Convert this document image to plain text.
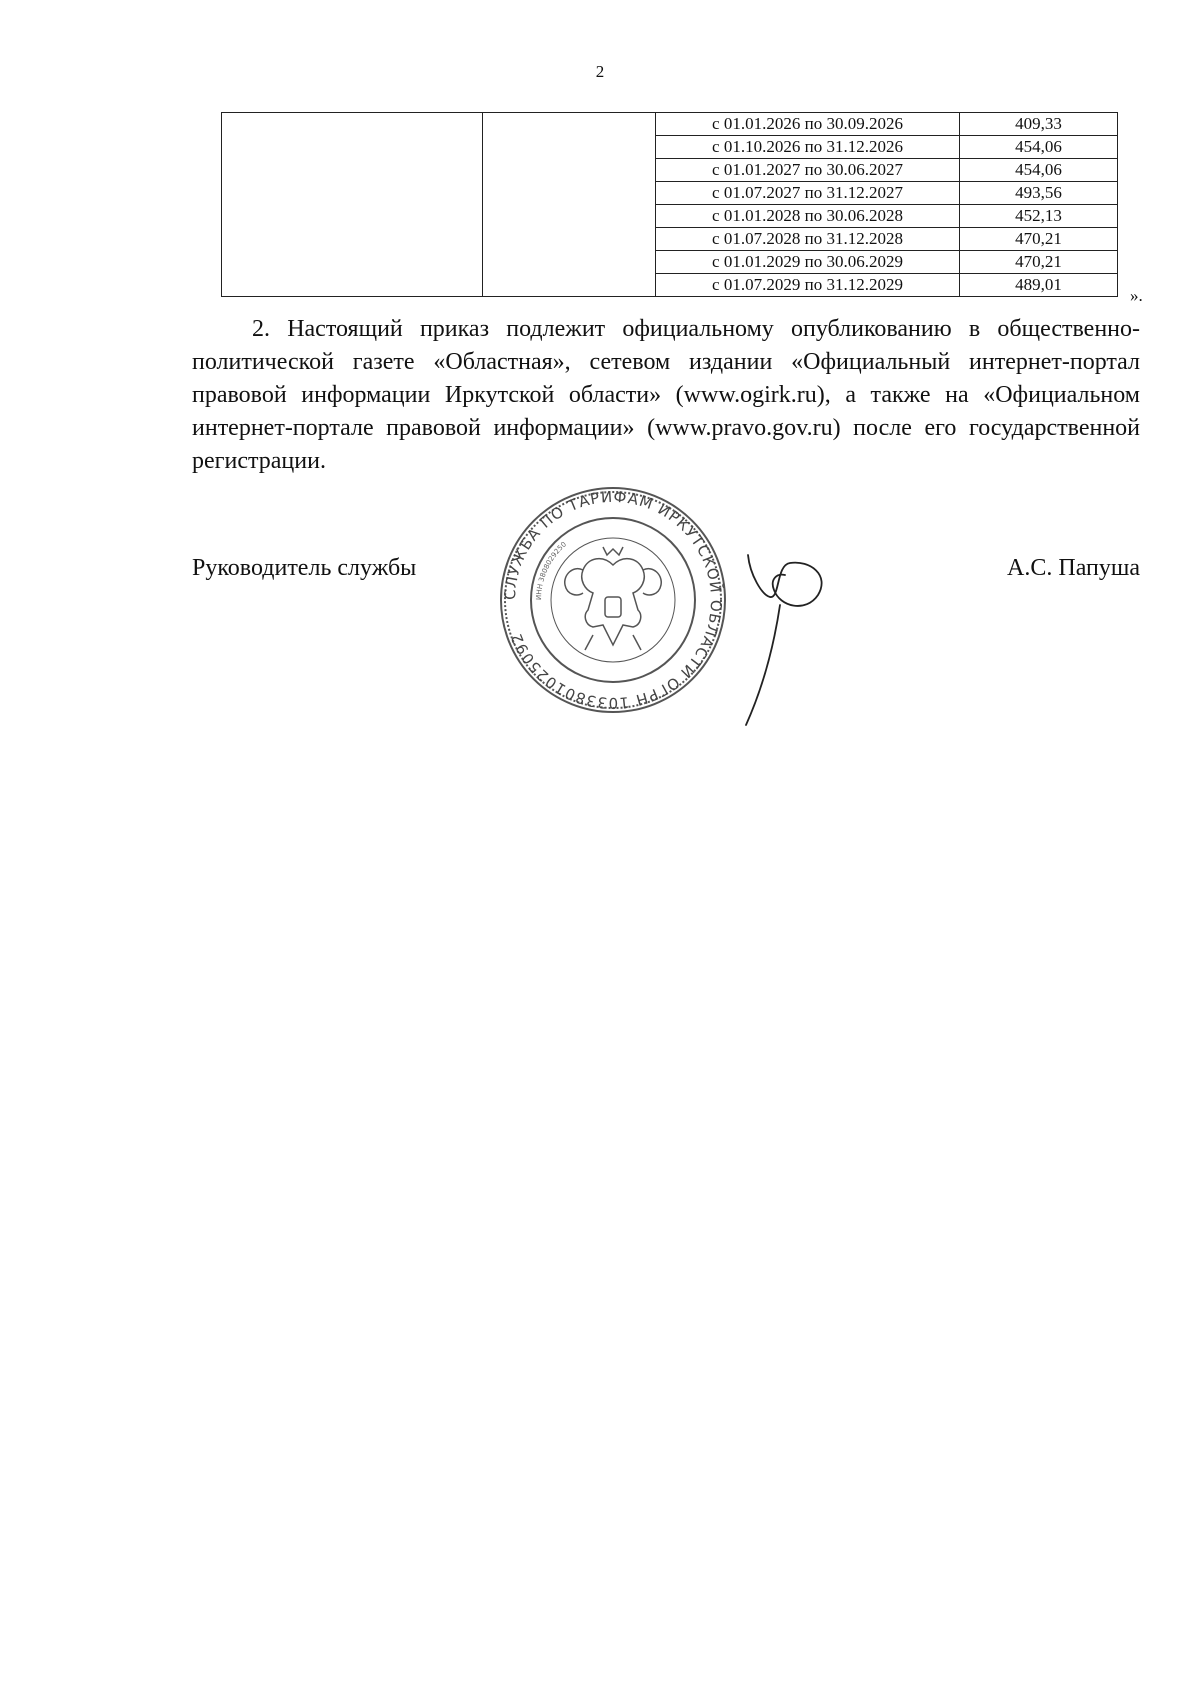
2
		с 01.01.2026 по 30.09.2026	409,33
		с 01.10.2026 по 31.12.2026	454,06
		с 01.01.2027 по 30.06.2027	454,06
		с 01.07.2027 по 31.12.2027	493,56
		с 01.01.2028 по 30.06.2028	452,13
		с 01.07.2028 по 31.12.2028	470,21
		с 01.01.2029 по 30.06.2029	470,21
		с 01.07.2029 по 31.12.2029	489,01
».

2. Настоящий приказ подлежит официальному опубликованию в общественно-политической газете «Областная», сетевом издании «Официальный интернет-портал правовой информации Иркутской области» (www.ogirk.ru), а также на «Официальном интернет-портале правовой информации» (www.pravo.gov.ru) после его государственной регистрации.

Руководитель службы
СЛУЖБА ПО ТАРИФАМ ИРКУТСКОЙ ОБЛАСТИ ОГРН 1033801025092
ИНН 3808029250
А.С. Папуша
